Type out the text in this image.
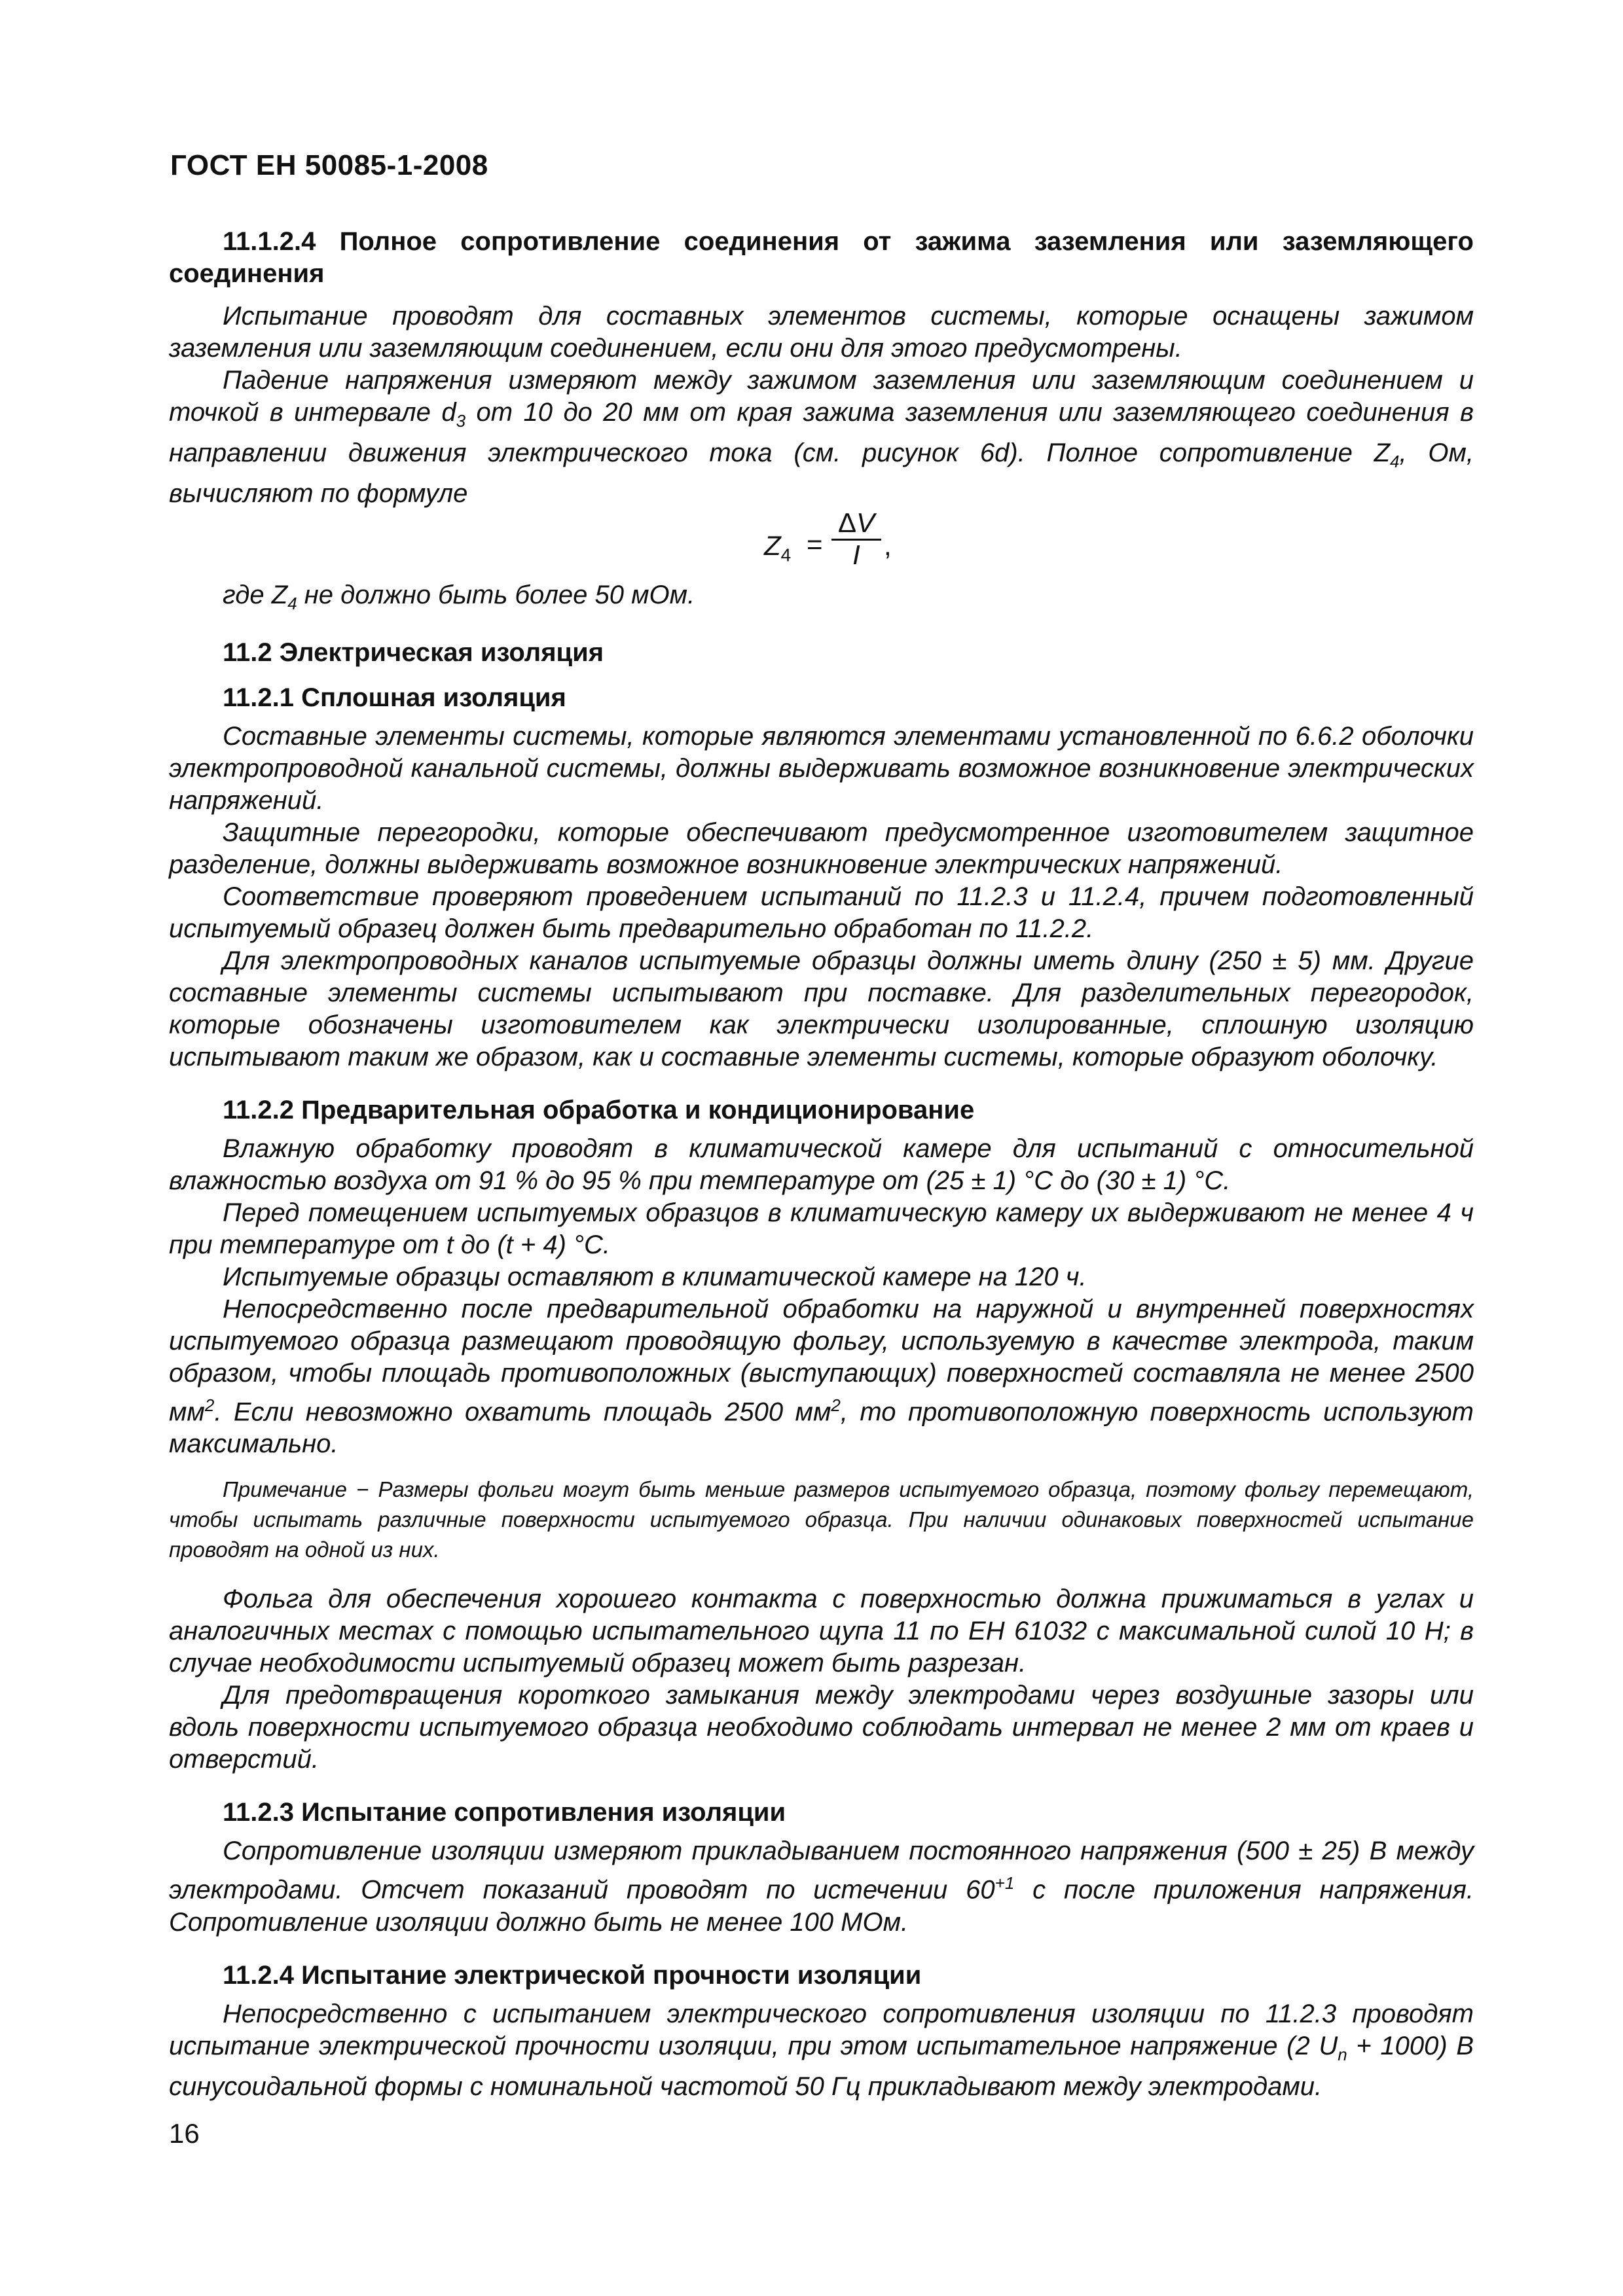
ГОСТ ЕН 50085-1-2008

11.1.2.4 Полное сопротивление соединения от зажима заземления или заземляющего соединения

Испытание проводят для составных элементов системы, которые оснащены зажимом заземления или заземляющим соединением, если они для этого предусмотрены.

Падение напряжения измеряют между зажимом заземления или заземляющим соединением и точкой в интервале $d_3$ от 10 до 20 мм от края зажима заземления или заземляющего соединения в направлении движения электрического тока (см. рисунок 6d). Полное сопротивление $Z_4$, Ом, вычисляют по формуле

$Z_4 = \frac{\Delta V}{I}$ ,

где $Z_4$ не должно быть более 50 мОм.

11.2 Электрическая изоляция

11.2.1 Сплошная изоляция

Составные элементы системы, которые являются элементами установленной по 6.6.2 оболочки электропроводной канальной системы, должны выдерживать возможное возникновение электрических напряжений.

Защитные перегородки, которые обеспечивают предусмотренное изготовителем защитное разделение, должны выдерживать возможное возникновение электрических напряжений.

Соответствие проверяют проведением испытаний по 11.2.3 и 11.2.4, причем подготовленный испытуемый образец должен быть предварительно обработан по 11.2.2.

Для электропроводных каналов испытуемые образцы должны иметь длину (250 ± 5) мм. Другие составные элементы системы испытывают при поставке. Для разделительных перегородок, которые обозначены изготовителем как электрически изолированные, сплошную изоляцию испытывают таким же образом, как и составные элементы системы, которые образуют оболочку.

11.2.2 Предварительная обработка и кондиционирование

Влажную обработку проводят в климатической камере для испытаний с относительной влажностью воздуха от 91 % до 95 % при температуре от (25 ± 1) °С до (30 ± 1) °С.

Перед помещением испытуемых образцов в климатическую камеру их выдерживают не менее 4 ч при температуре от t до (t + 4) °С.

Испытуемые образцы оставляют в климатической камере на 120 ч.

Непосредственно после предварительной обработки на наружной и внутренней поверхностях испытуемого образца размещают проводящую фольгу, используемую в качестве электрода, таким образом, чтобы площадь противоположных (выступающих) поверхностей составляла не менее 2500 $мм^2$. Если невозможно охватить площадь 2500 $мм^2$, то противоположную поверхность используют максимально.

Примечание − Размеры фольги могут быть меньше размеров испытуемого образца, поэтому фольгу перемещают, чтобы испытать различные поверхности испытуемого образца. При наличии одинаковых поверхностей испытание проводят на одной из них.

Фольга для обеспечения хорошего контакта с поверхностью должна прижиматься в углах и аналогичных местах с помощью испытательного щупа 11 по ЕН 61032 с максимальной силой 10 Н; в случае необходимости испытуемый образец может быть разрезан.

Для предотвращения короткого замыкания между электродами через воздушные зазоры или вдоль поверхности испытуемого образца необходимо соблюдать интервал не менее 2 мм от краев и отверстий.

11.2.3 Испытание сопротивления изоляции

Сопротивление изоляции измеряют прикладыванием постоянного напряжения (500 ± 25) В между электродами. Отсчет показаний проводят по истечении $60^{+1}$ с после приложения напряжения. Сопротивление изоляции должно быть не менее 100 МОм.

11.2.4 Испытание электрической прочности изоляции

Непосредственно с испытанием электрического сопротивления изоляции по 11.2.3 проводят испытание электрической прочности изоляции, при этом испытательное напряжение (2 $U_n + 1000$) В синусоидальной формы с номинальной частотой 50 Гц прикладывают между электродами.

16
